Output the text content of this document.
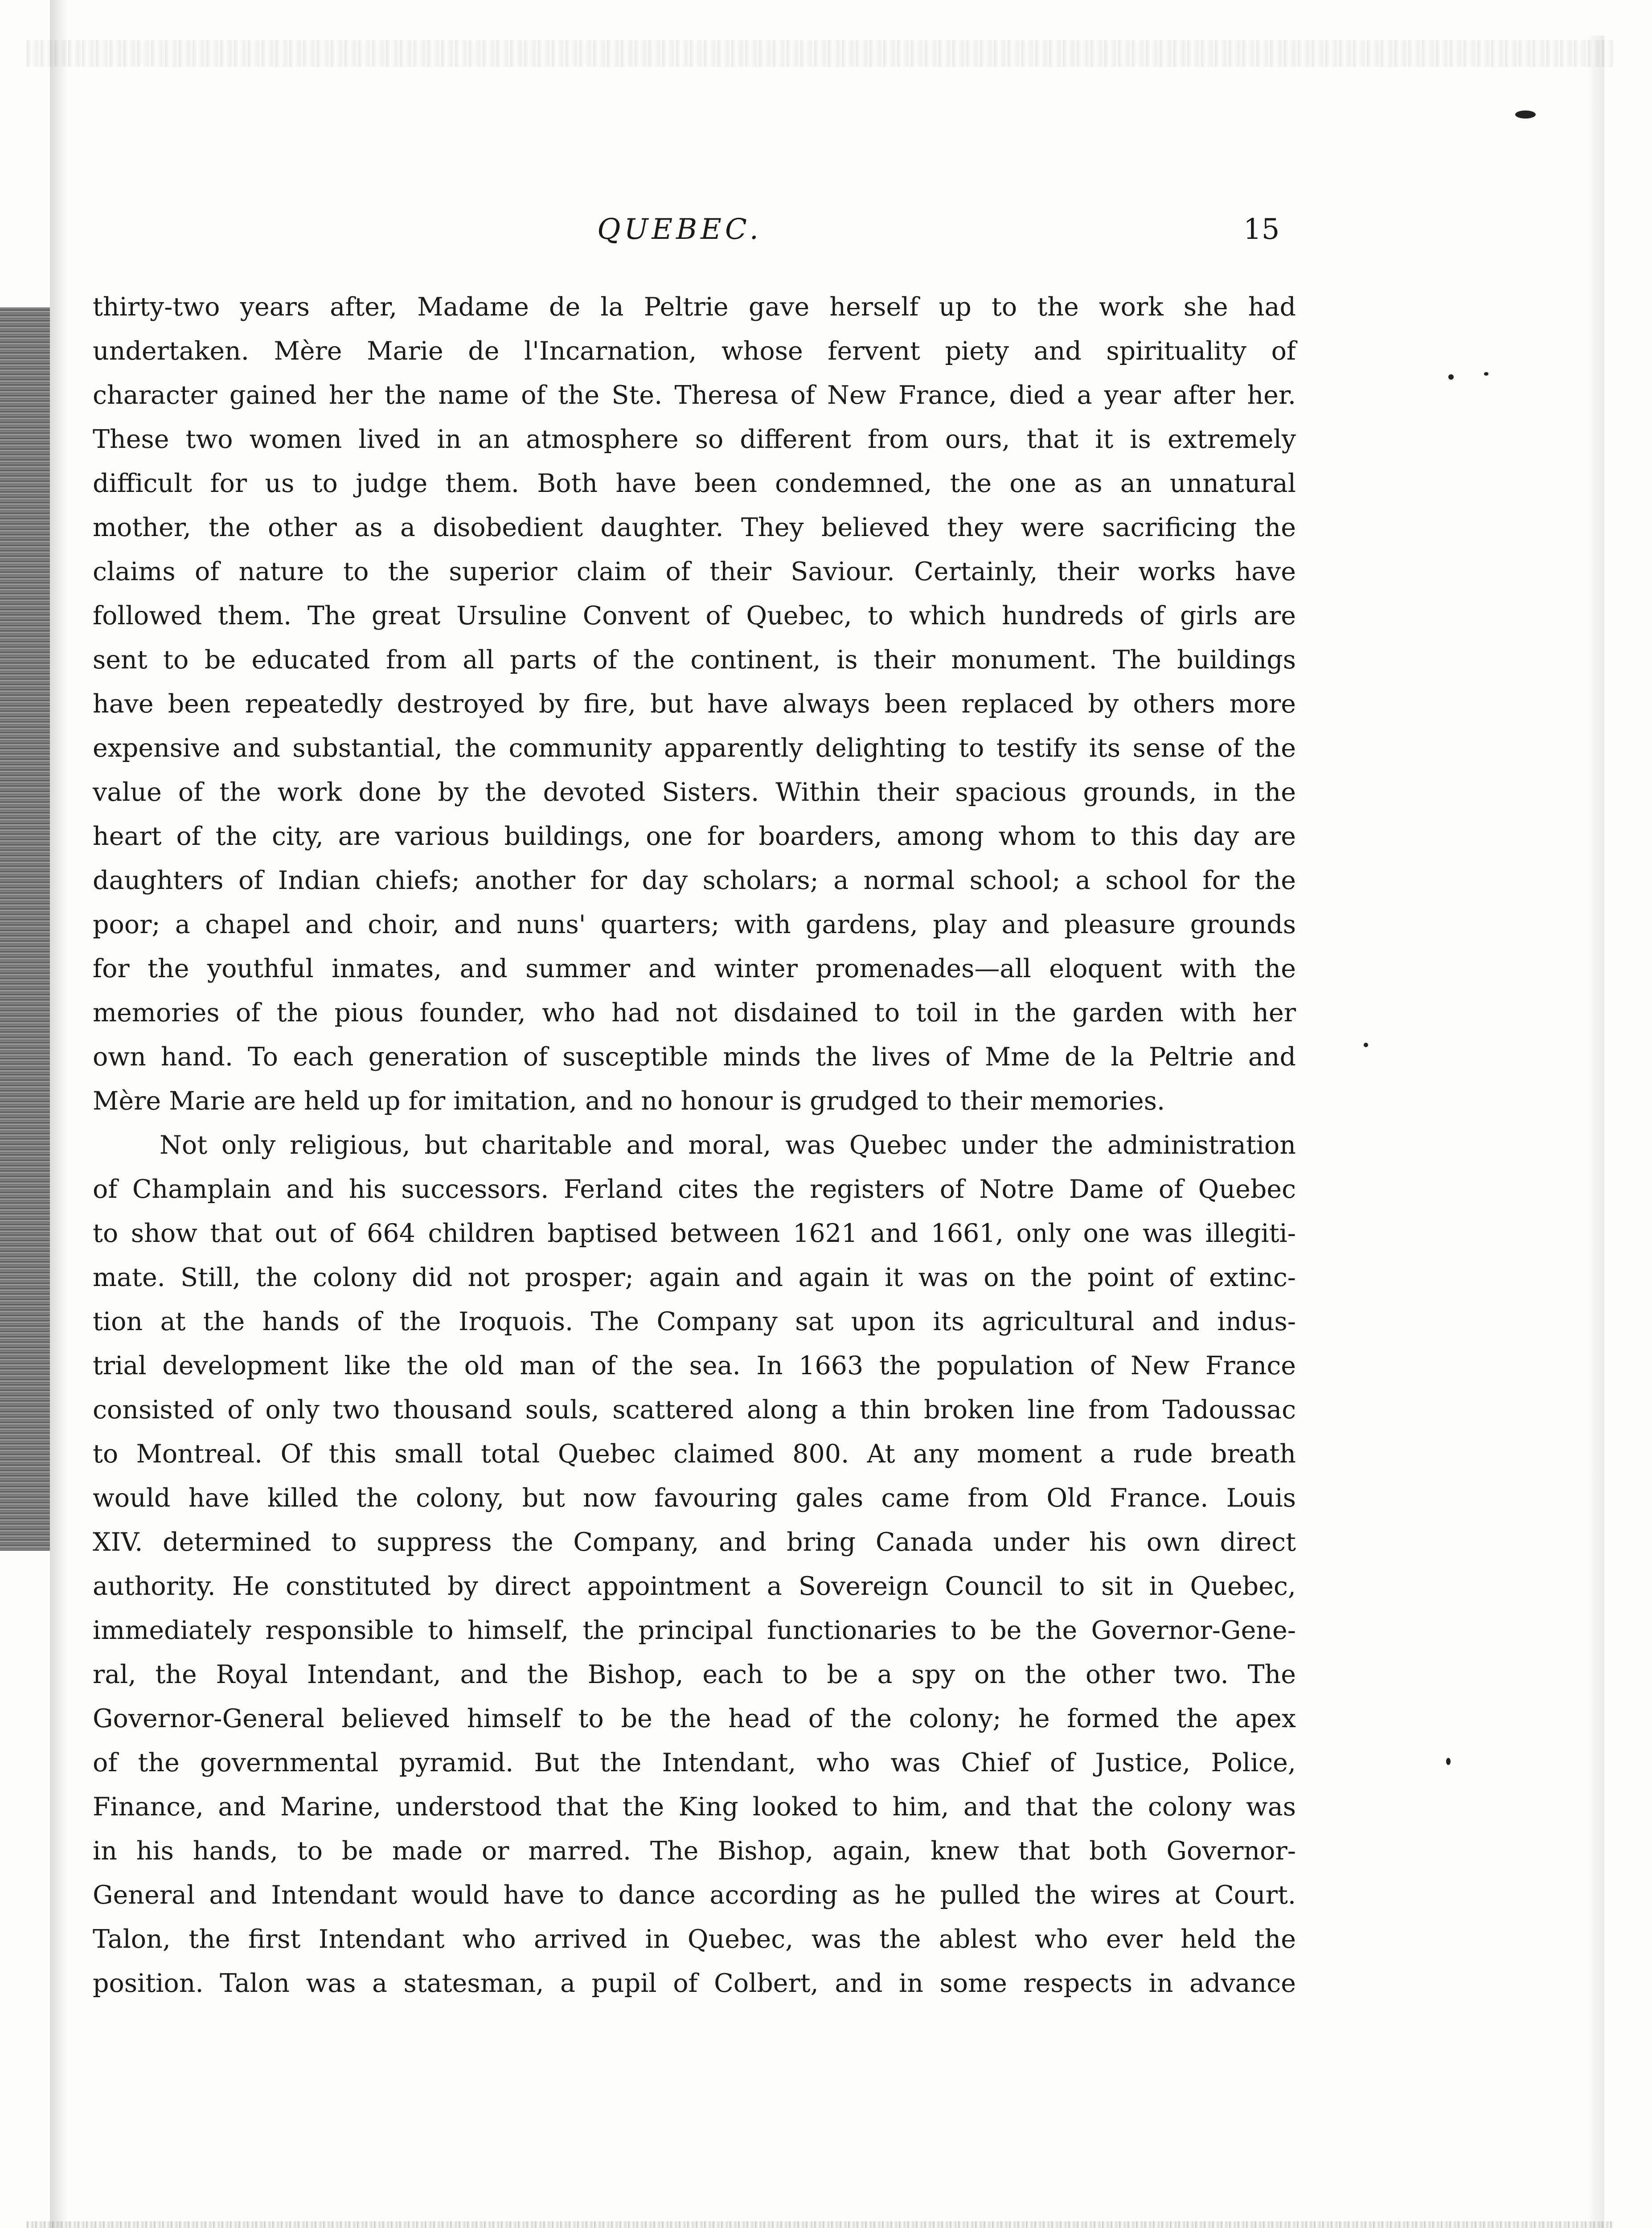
QUEBEC.	15
thirty-two years after, Madame de la Peltrie gave herself up to the work she had
undertaken. Mère Marie de l'Incarnation, whose fervent piety and spirituality of
character gained her the name of the Ste. Theresa of New France, died a year after her.
These two women lived in an atmosphere so different from ours, that it is extremely
difficult for us to judge them. Both have been condemned, the one as an unnatural
mother, the other as a disobedient daughter. They believed they were sacrificing the
claims of nature to the superior claim of their Saviour. Certainly, their works have
followed them. The great Ursuline Convent of Quebec, to which hundreds of girls are
sent to be educated from all parts of the continent, is their monument. The buildings
have been repeatedly destroyed by fire, but have always been replaced by others more
expensive and substantial, the community apparently delighting to testify its sense of the
value of the work done by the devoted Sisters. Within their spacious grounds, in the
heart of the city, are various buildings, one for boarders, among whom to this day are
daughters of Indian chiefs; another for day scholars; a normal school; a school for the
poor; a chapel and choir, and nuns' quarters; with gardens, play and pleasure grounds
for the youthful inmates, and summer and winter promenades—all eloquent with the
memories of the pious founder, who had not disdained to toil in the garden with her
own hand. To each generation of susceptible minds the lives of Mme de la Peltrie and
Mère Marie are held up for imitation, and no honour is grudged to their memories.
Not only religious, but charitable and moral, was Quebec under the administration
of Champlain and his successors. Ferland cites the registers of Notre Dame of Quebec
to show that out of 664 children baptised between 1621 and 1661, only one was illegiti-
mate. Still, the colony did not prosper; again and again it was on the point of extinc-
tion at the hands of the Iroquois. The Company sat upon its agricultural and indus-
trial development like the old man of the sea. In 1663 the population of New France
consisted of only two thousand souls, scattered along a thin broken line from Tadoussac
to Montreal. Of this small total Quebec claimed 800. At any moment a rude breath
would have killed the colony, but now favouring gales came from Old France. Louis
XIV. determined to suppress the Company, and bring Canada under his own direct
authority. He constituted by direct appointment a Sovereign Council to sit in Quebec,
immediately responsible to himself, the principal functionaries to be the Governor-Gene-
ral, the Royal Intendant, and the Bishop, each to be a spy on the other two. The
Governor-General believed himself to be the head of the colony; he formed the apex
of the governmental pyramid. But the Intendant, who was Chief of Justice, Police,
Finance, and Marine, understood that the King looked to him, and that the colony was
in his hands, to be made or marred. The Bishop, again, knew that both Governor-
General and Intendant would have to dance according as he pulled the wires at Court.
Talon, the first Intendant who arrived in Quebec, was the ablest who ever held the
position. Talon was a statesman, a pupil of Colbert, and in some respects in advance
